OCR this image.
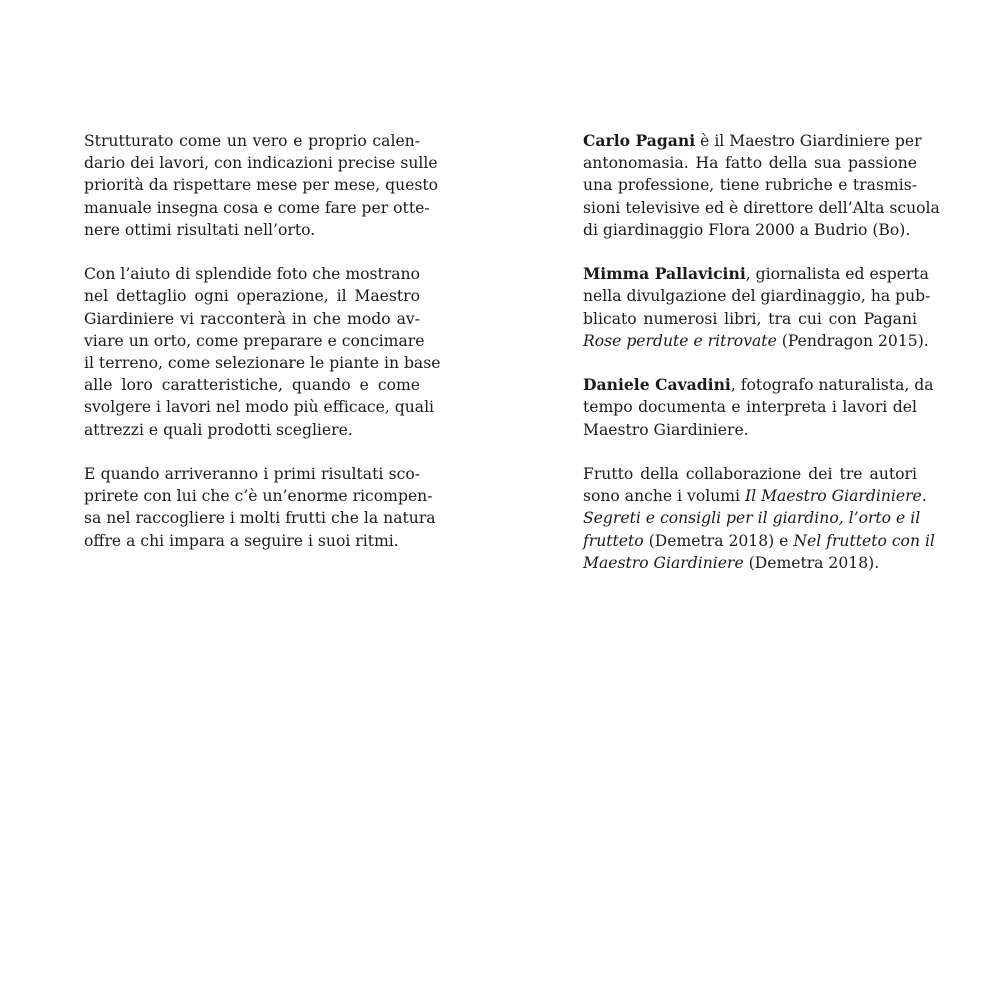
Strutturato come un vero e proprio calen-
dario dei lavori, con indicazioni precise sulle
priorità da rispettare mese per mese, questo
manuale insegna cosa e come fare per otte-
nere ottimi risultati nell’orto.
Con l’aiuto di splendide foto che mostrano
nel dettaglio ogni operazione, il Maestro
Giardiniere vi racconterà in che modo av-
viare un orto, come preparare e concimare
il terreno, come selezionare le piante in base
alle loro caratteristiche, quando e come
svolgere i lavori nel modo più efficace, quali
attrezzi e quali prodotti scegliere.
E quando arriveranno i primi risultati sco-
prirete con lui che c’è un’enorme ricompen-
sa nel raccogliere i molti frutti che la natura
offre a chi impara a seguire i suoi ritmi.
Carlo Pagani è il Maestro Giardiniere per
antonomasia. Ha fatto della sua passione
una professione, tiene rubriche e trasmis-
sioni televisive ed è direttore dell’Alta scuola
di giardinaggio Flora 2000 a Budrio (Bo).
Mimma Pallavicini, giornalista ed esperta
nella divulgazione del giardinaggio, ha pub-
blicato numerosi libri, tra cui con Pagani
Rose perdute e ritrovate (Pendragon 2015).
Daniele Cavadini, fotografo naturalista, da
tempo documenta e interpreta i lavori del
Maestro Giardiniere.
Frutto della collaborazione dei tre autori
sono anche i volumi Il Maestro Giardiniere.
Segreti e consigli per il giardino, l’orto e il
frutteto (Demetra 2018) e Nel frutteto con il
Maestro Giardiniere (Demetra 2018).
